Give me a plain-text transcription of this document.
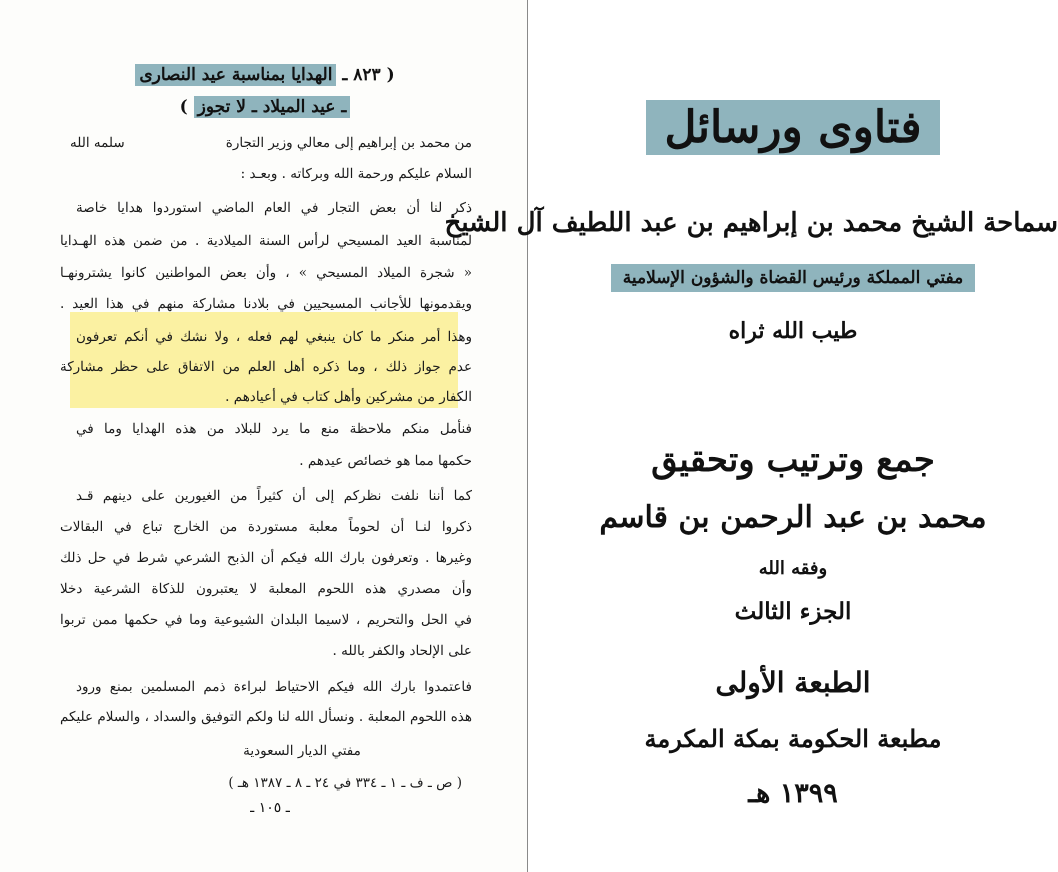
( ٨٢٣ ـ الهدايا بمناسبة عيد النصارى
ـ عيد الميلاد ـ لا تجوز )
من محمد بن إبراهيم إلى معالي وزير التجارة
سلمه الله
السلام عليكم ورحمة الله وبركاته . وبعـد :
ذكر لنا أن بعض التجار في العام الماضي استوردوا هدايا خاصة
لمناسبة العيد المسيحي لرأس السنة الميلادية . من ضمن هذه الهـدايا
« شجرة الميلاد المسيحي » ، وأن بعض المواطنين كانوا يشترونهـا
ويقدمونها للأجانب المسيحيين في بلادنا مشاركة منهم في هذا العيد .
وهذا أمر منكر ما كان ينبغي لهم فعله ، ولا نشك في أنكم تعرفون
عدم جواز ذلك ، وما ذكره أهل العلم من الاتفاق على حظر مشاركة
الكفار من مشركين وأهل كتاب في أعيادهم .
فنأمل منكم ملاحظة منع ما يرد للبلاد من هذه الهدايا وما في
حكمها مما هو خصائص عيدهم .
كما أننا نلفت نظركم إلى أن كثيراً من الغيورين على دينهم قـد
ذكروا لنـا أن لحوماً معلبة مستوردة من الخارج تباع في البقالات
وغيرها . وتعرفون بارك الله فيكم أن الذبح الشرعي شرط في حل ذلك
وأن مصدري هذه اللحوم المعلبة لا يعتبرون للذكاة الشرعية دخلا
في الحل والتحريم ، لاسيما البلدان الشيوعية وما في حكمها ممن تربوا
على الإلحاد والكفر بالله .
فاعتمدوا بارك الله فيكم الاحتياط لبراءة ذمم المسلمين بمنع ورود
هذه اللحوم المعلبة . ونسأل الله لنا ولكم التوفيق والسداد ، والسلام عليكم
مفتي الديار السعودية
( ص ـ ف ـ ١ ـ ٣٣٤ في ٢٤ ـ ٨ ـ ١٣٨٧ هـ )
ـ ١٠٥ ـ
فتاوى ورسائل
سماحة الشيخ محمد بن إبراهيم بن عبد اللطيف آل الشيخ
مفتي المملكة ورئيس القضاة والشؤون الإسلامية
طيب الله ثراه
جمع وترتيب وتحقيق
محمد بن عبد الرحمن بن قاسم
وفقه الله
الجزء الثالث
الطبعة الأولى
مطبعة الحكومة بمكة المكرمة
١٣٩٩ هـ
